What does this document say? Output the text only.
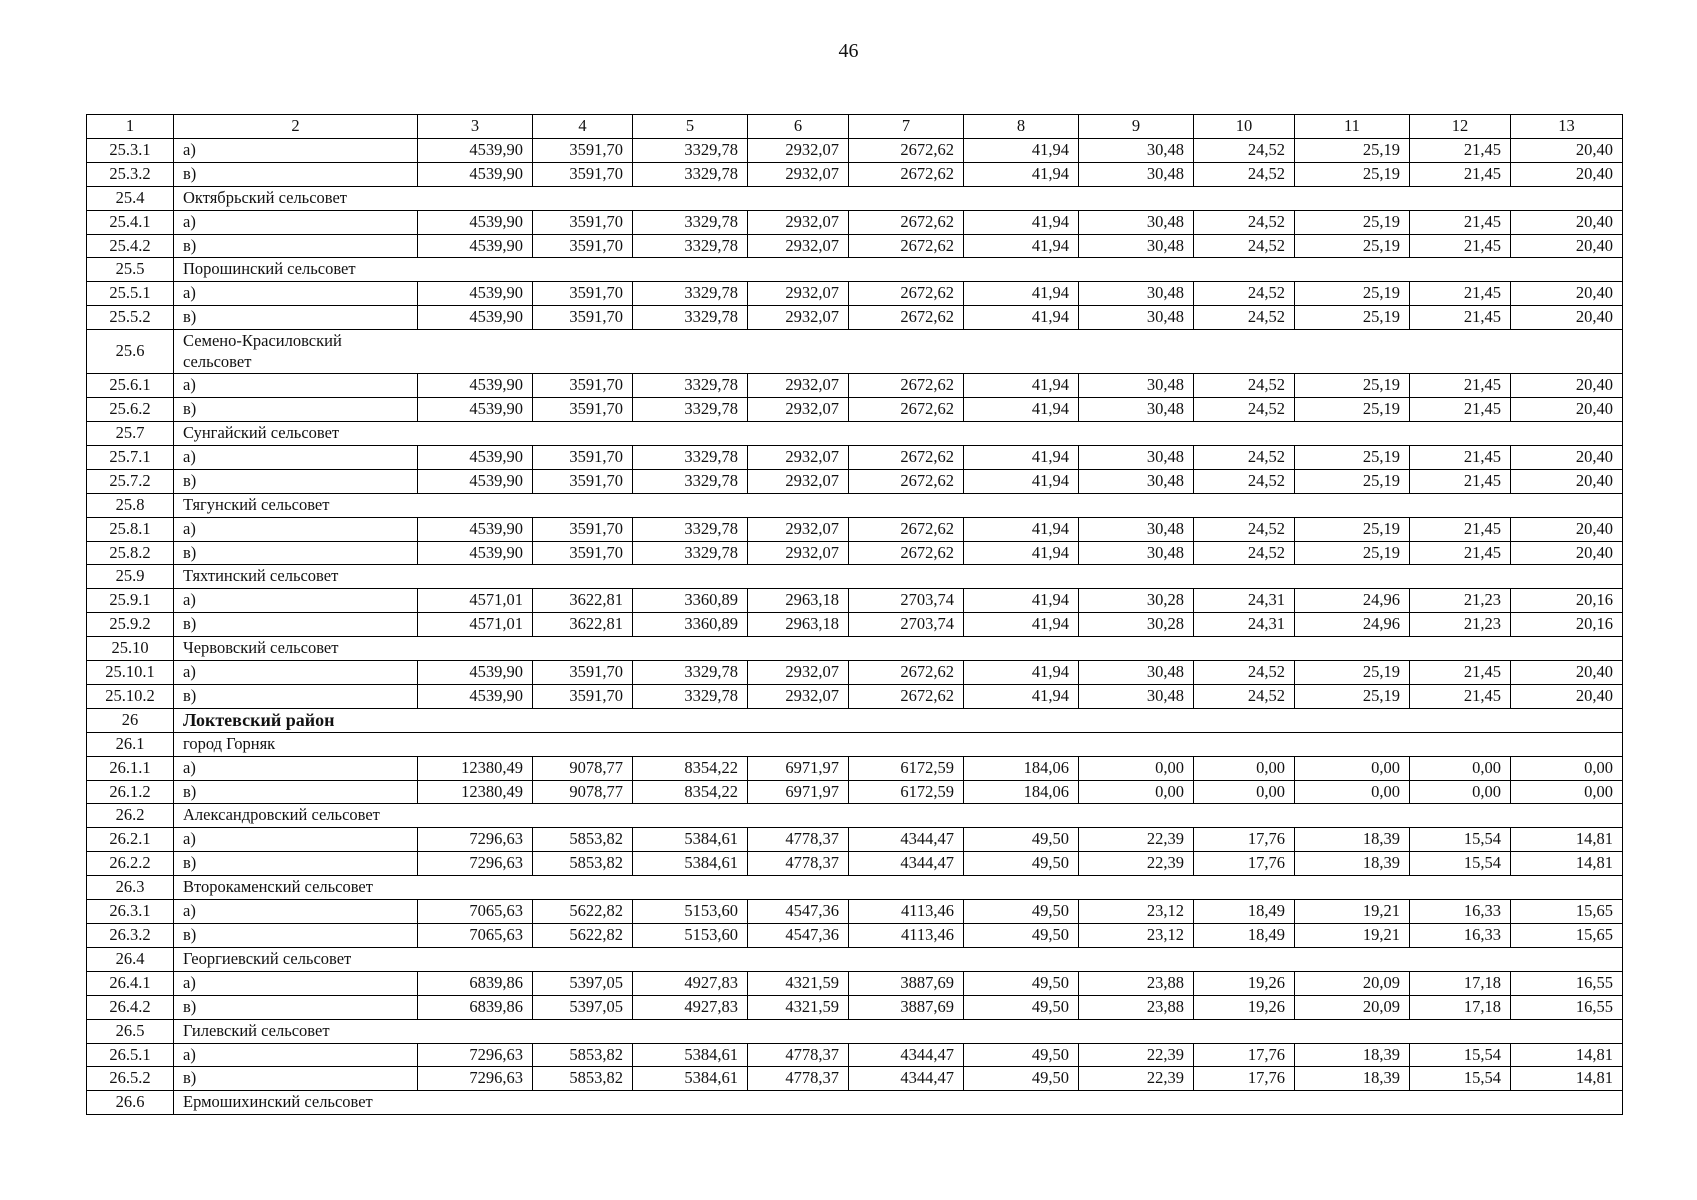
46
1	2	3	4	5	6	7	8	9	10	11	12	13
25.3.1	а)	4539,90	3591,70	3329,78	2932,07	2672,62	41,94	30,48	24,52	25,19	21,45	20,40
25.3.2	в)	4539,90	3591,70	3329,78	2932,07	2672,62	41,94	30,48	24,52	25,19	21,45	20,40
25.4	Октябрьский сельсовет											
25.4.1	а)	4539,90	3591,70	3329,78	2932,07	2672,62	41,94	30,48	24,52	25,19	21,45	20,40
25.4.2	в)	4539,90	3591,70	3329,78	2932,07	2672,62	41,94	30,48	24,52	25,19	21,45	20,40
25.5	Порошинский сельсовет											
25.5.1	а)	4539,90	3591,70	3329,78	2932,07	2672,62	41,94	30,48	24,52	25,19	21,45	20,40
25.5.2	в)	4539,90	3591,70	3329,78	2932,07	2672,62	41,94	30,48	24,52	25,19	21,45	20,40
25.6	Семено-Красиловский сельсовет											
25.6.1	а)	4539,90	3591,70	3329,78	2932,07	2672,62	41,94	30,48	24,52	25,19	21,45	20,40
25.6.2	в)	4539,90	3591,70	3329,78	2932,07	2672,62	41,94	30,48	24,52	25,19	21,45	20,40
25.7	Сунгайский сельсовет											
25.7.1	а)	4539,90	3591,70	3329,78	2932,07	2672,62	41,94	30,48	24,52	25,19	21,45	20,40
25.7.2	в)	4539,90	3591,70	3329,78	2932,07	2672,62	41,94	30,48	24,52	25,19	21,45	20,40
25.8	Тягунский сельсовет											
25.8.1	а)	4539,90	3591,70	3329,78	2932,07	2672,62	41,94	30,48	24,52	25,19	21,45	20,40
25.8.2	в)	4539,90	3591,70	3329,78	2932,07	2672,62	41,94	30,48	24,52	25,19	21,45	20,40
25.9	Тяхтинский сельсовет											
25.9.1	а)	4571,01	3622,81	3360,89	2963,18	2703,74	41,94	30,28	24,31	24,96	21,23	20,16
25.9.2	в)	4571,01	3622,81	3360,89	2963,18	2703,74	41,94	30,28	24,31	24,96	21,23	20,16
25.10	Червовский сельсовет											
25.10.1	а)	4539,90	3591,70	3329,78	2932,07	2672,62	41,94	30,48	24,52	25,19	21,45	20,40
25.10.2	в)	4539,90	3591,70	3329,78	2932,07	2672,62	41,94	30,48	24,52	25,19	21,45	20,40
26	Локтевский район											
26.1	город Горняк											
26.1.1	а)	12380,49	9078,77	8354,22	6971,97	6172,59	184,06	0,00	0,00	0,00	0,00	0,00
26.1.2	в)	12380,49	9078,77	8354,22	6971,97	6172,59	184,06	0,00	0,00	0,00	0,00	0,00
26.2	Александровский сельсовет											
26.2.1	а)	7296,63	5853,82	5384,61	4778,37	4344,47	49,50	22,39	17,76	18,39	15,54	14,81
26.2.2	в)	7296,63	5853,82	5384,61	4778,37	4344,47	49,50	22,39	17,76	18,39	15,54	14,81
26.3	Второкаменский сельсовет											
26.3.1	а)	7065,63	5622,82	5153,60	4547,36	4113,46	49,50	23,12	18,49	19,21	16,33	15,65
26.3.2	в)	7065,63	5622,82	5153,60	4547,36	4113,46	49,50	23,12	18,49	19,21	16,33	15,65
26.4	Георгиевский сельсовет											
26.4.1	а)	6839,86	5397,05	4927,83	4321,59	3887,69	49,50	23,88	19,26	20,09	17,18	16,55
26.4.2	в)	6839,86	5397,05	4927,83	4321,59	3887,69	49,50	23,88	19,26	20,09	17,18	16,55
26.5	Гилевский сельсовет											
26.5.1	а)	7296,63	5853,82	5384,61	4778,37	4344,47	49,50	22,39	17,76	18,39	15,54	14,81
26.5.2	в)	7296,63	5853,82	5384,61	4778,37	4344,47	49,50	22,39	17,76	18,39	15,54	14,81
26.6	Ермошихинский сельсовет											
